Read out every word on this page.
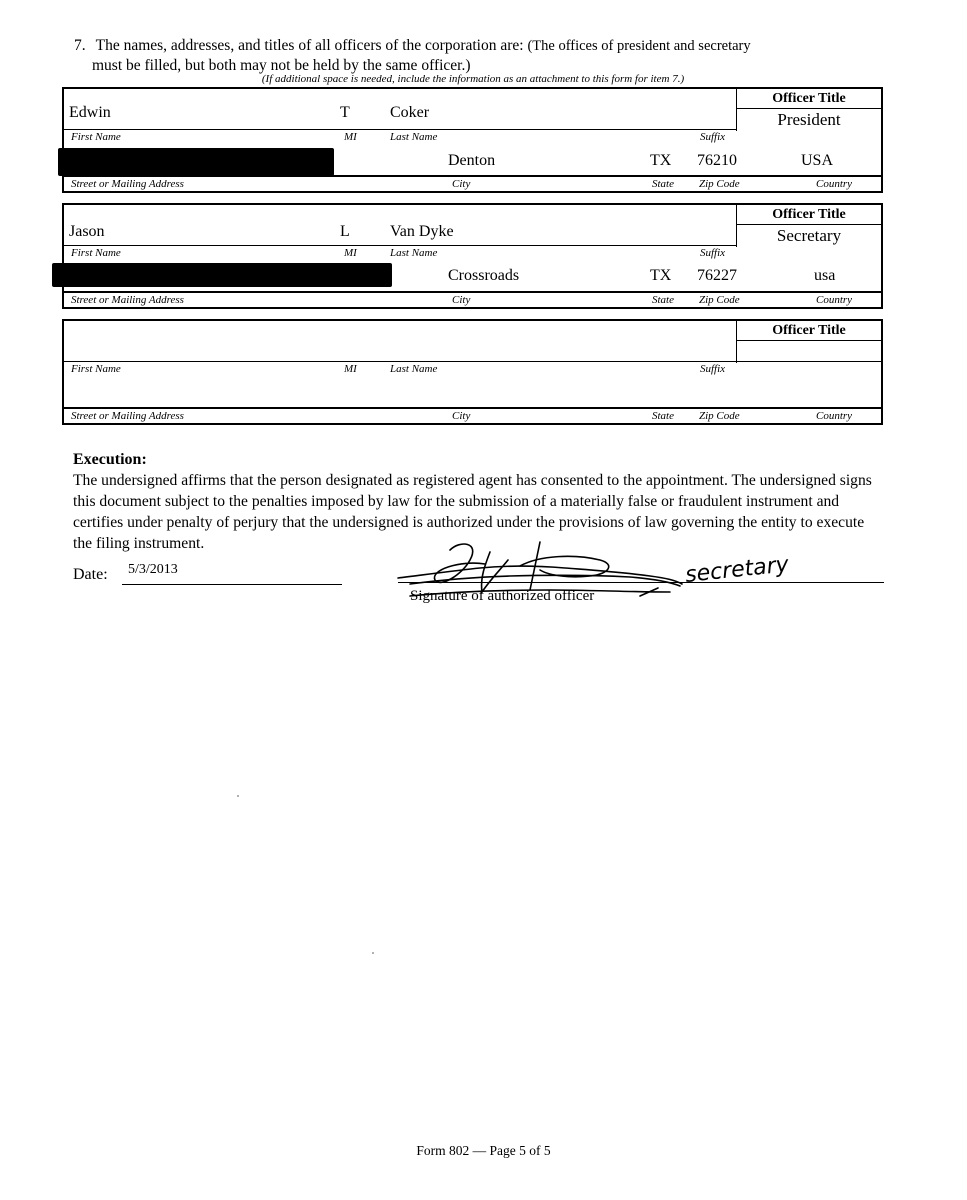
7. The names, addresses, and titles of all officers of the corporation are: (The offices of president and secretary
must be filled, but both may not be held by the same officer.)
(If additional space is needed, include the information as an attachment to this form for item 7.)
Officer Title
President
Edwin	T	Coker
First Name	MI	Last Name	Suffix
Denton	TX 76210	USA
Street or Mailing Address	City	State Zip Code	Country
Officer Title
Secretary
Jason	L	Van Dyke
First Name	MI	Last Name	Suffix
Crossroads	TX 76227	usa
Street or Mailing Address	City	State Zip Code	Country
Officer Title
First Name	MI	Last Name	Suffix
Street or Mailing Address	City	State Zip Code	Country
Execution:
The undersigned affirms that the person designated as registered agent has consented to the appointment. The undersigned signs this document subject to the penalties imposed by law for the submission of a materially false or fraudulent instrument and certifies under penalty of perjury that the undersigned is authorized under the provisions of law governing the entity to execute the filing instrument.
Date: 5/3/2013	secretary
Signature of authorized officer
Form 802 — Page 5 of 5
